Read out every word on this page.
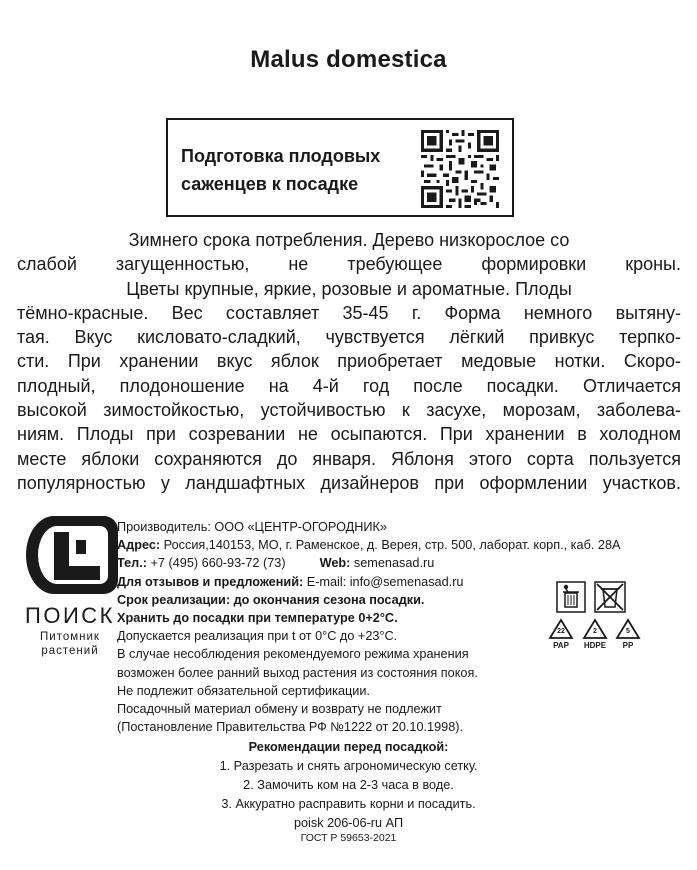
Malus domestica
Подготовка плодовых
саженцев к посадке
Зимнего срока потребления. Дерево низкорослое со
слабой загущенностью, не требующее формировки кроны.
Цветы крупные, яркие, розовые и ароматные. Плоды
тёмно-красные. Вес составляет 35-45 г. Форма немного вытяну-
тая. Вкус кисловато-сладкий, чувствуется лёгкий привкус терпко-
сти. При хранении вкус яблок приобретает медовые нотки. Скоро-
плодный, плодоношение на 4-й год после посадки. Отличается
высокой зимостойкостью, устойчивостью к засухе, морозам, заболева-
ниям. Плоды при созревании не осыпаются. При хранении в холодном
месте яблоки сохраняются до января. Яблоня этого сорта пользуется
популярностью у ландшафтных дизайнеров при оформлении участков.
ПОИСК
Питомник
растений
Производитель: ООО «ЦЕНТР-ОГОРОДНИК»
Адрес: Россия,140153, МО, г. Раменское, д. Верея, стр. 500, лаборат. корп., каб. 28А
Тел.: +7 (495) 660-93-72 (73)	Web: semenasad.ru
Для отзывов и предложений: E-mail: info@semenasad.ru
Срок реализации: до окончания сезона посадки.
Хранить до посадки при температуре 0+2°C.
Допускается реализация при t от 0°C до +23°C.
В случае несоблюдения рекомендуемого режима хранения
возможен более ранний выход растения из состояния покоя.
Не подлежит обязательной сертификации.
Посадочный материал обмену и возврату не подлежит
(Постановление Правительства РФ №1222 от 20.10.1998).
22
PAP
2
HDPE
5
PP
Рекомендации перед посадкой:
1. Разрезать и снять агрономическую сетку.
2. Замочить ком на 2-3 часа в воде.
3. Аккуратно расправить корни и посадить.
poisk 206-06-ru АП
ГОСТ Р 59653-2021
